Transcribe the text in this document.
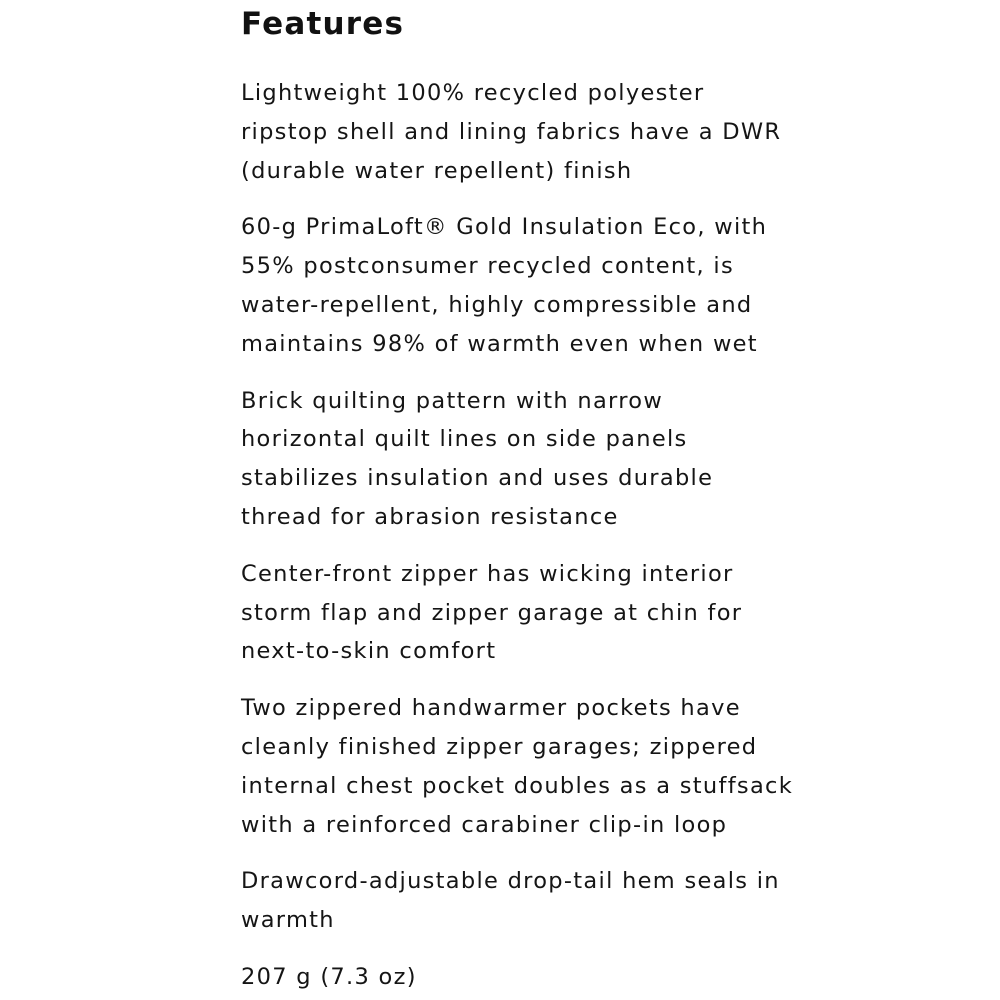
Features
Lightweight 100% recycled polyester
ripstop shell and lining fabrics have a DWR
(durable water repellent) finish
60-g PrimaLoft® Gold Insulation Eco, with
55% postconsumer recycled content, is
water-repellent, highly compressible and
maintains 98% of warmth even when wet
Brick quilting pattern with narrow
horizontal quilt lines on side panels
stabilizes insulation and uses durable
thread for abrasion resistance
Center-front zipper has wicking interior
storm flap and zipper garage at chin for
next-to-skin comfort
Two zippered handwarmer pockets have
cleanly finished zipper garages; zippered
internal chest pocket doubles as a stuffsack
with a reinforced carabiner clip-in loop
Drawcord-adjustable drop-tail hem seals in
warmth
207 g (7.3 oz)
